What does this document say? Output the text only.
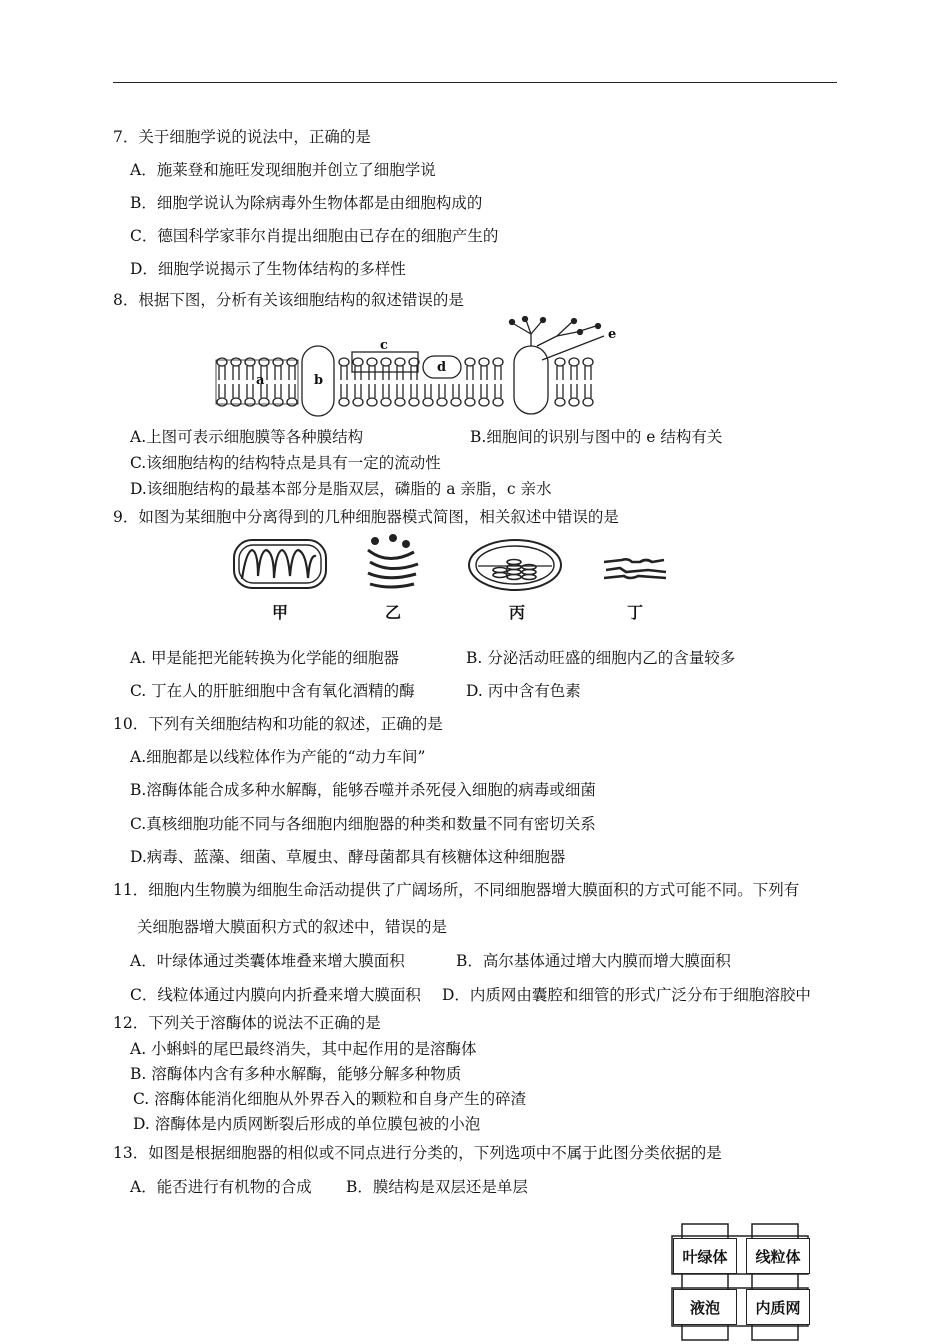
7．关于细胞学说的说法中，正确的是
A．施莱登和施旺发现细胞并创立了细胞学说
B．细胞学说认为除病毒外生物体都是由细胞构成的
C．德国科学家菲尔肖提出细胞由已存在的细胞产生的
D．细胞学说揭示了生物体结构的多样性
8．根据下图，分析有关该细胞结构的叙述错误的是
a	b
c
d
e
A.上图可表示细胞膜等各种膜结构	B.细胞间的识别与图中的 e 结构有关
C.该细胞结构的结构特点是具有一定的流动性
D.该细胞结构的最基本部分是脂双层，磷脂的 a 亲脂，c 亲水
9．如图为某细胞中分离得到的几种细胞器模式简图，相关叙述中错误的是
甲	乙	丙	丁
A. 甲是能把光能转换为化学能的细胞器	B. 分泌活动旺盛的细胞内乙的含量较多
C. 丁在人的肝脏细胞中含有氧化酒精的酶	D. 丙中含有色素
10．下列有关细胞结构和功能的叙述，正确的是
A.细胞都是以线粒体作为产能的“动力车间”
B.溶酶体能合成多种水解酶，能够吞噬并杀死侵入细胞的病毒或细菌
C.真核细胞功能不同与各细胞内细胞器的种类和数量不同有密切关系
D.病毒、蓝藻、细菌、草履虫、酵母菌都具有核糖体这种细胞器
11．细胞内生物膜为细胞生命活动提供了广阔场所，不同细胞器增大膜面积的方式可能不同。下列有
关细胞器增大膜面积方式的叙述中，错误的是
A．叶绿体通过类囊体堆叠来增大膜面积	B．高尔基体通过增大内膜而增大膜面积
C．线粒体通过内膜向内折叠来增大膜面积 D．内质网由囊腔和细管的形式广泛分布于细胞溶胶中
12．下列关于溶酶体的说法不正确的是
A. 小蝌蚪的尾巴最终消失，其中起作用的是溶酶体
B. 溶酶体内含有多种水解酶，能够分解多种物质
C. 溶酶体能消化细胞从外界吞入的颗粒和自身产生的碎渣
D. 溶酶体是内质网断裂后形成的单位膜包被的小泡
13．如图是根据细胞器的相似或不同点进行分类的，下列选项中不属于此图分类依据的是
A．能否进行有机物的合成 B．膜结构是双层还是单层
叶绿体	线粒体
液泡	内质网
